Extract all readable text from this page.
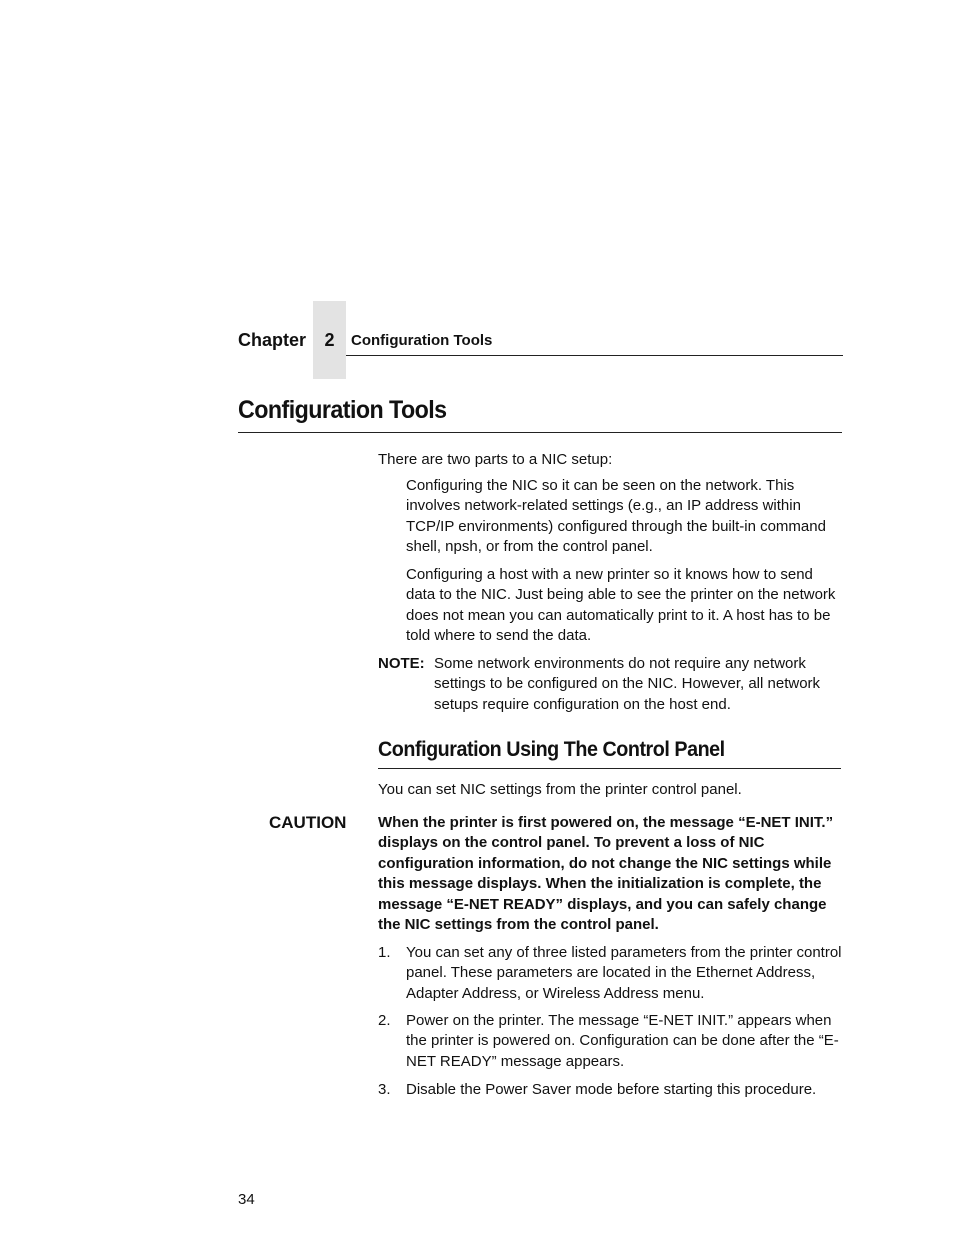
Chapter	2	Configuration Tools
Configuration Tools
There are two parts to a NIC setup:
Configuring the NIC so it can be seen on the network. This involves network-related settings (e.g., an IP address within TCP/IP environments) configured through the built-in command shell, npsh, or from the control panel.
Configuring a host with a new printer so it knows how to send data to the NIC. Just being able to see the printer on the network does not mean you can automatically print to it. A host has to be told where to send the data.
NOTE: Some network environments do not require any network settings to be configured on the NIC. However, all network setups require configuration on the host end.
Configuration Using The Control Panel
You can set NIC settings from the printer control panel.
CAUTION When the printer is first powered on, the message “E-NET INIT.” displays on the control panel. To prevent a loss of NIC configuration information, do not change the NIC settings while this message displays. When the initialization is complete, the message “E-NET READY” displays, and you can safely change the NIC settings from the control panel.
1.	You can set any of three listed parameters from the printer control panel. These parameters are located in the Ethernet Address, Adapter Address, or Wireless Address menu.
2.	Power on the printer. The message “E-NET INIT.” appears when the printer is powered on. Configuration can be done after the “E-NET READY” message appears.
3.	Disable the Power Saver mode before starting this procedure.
34
